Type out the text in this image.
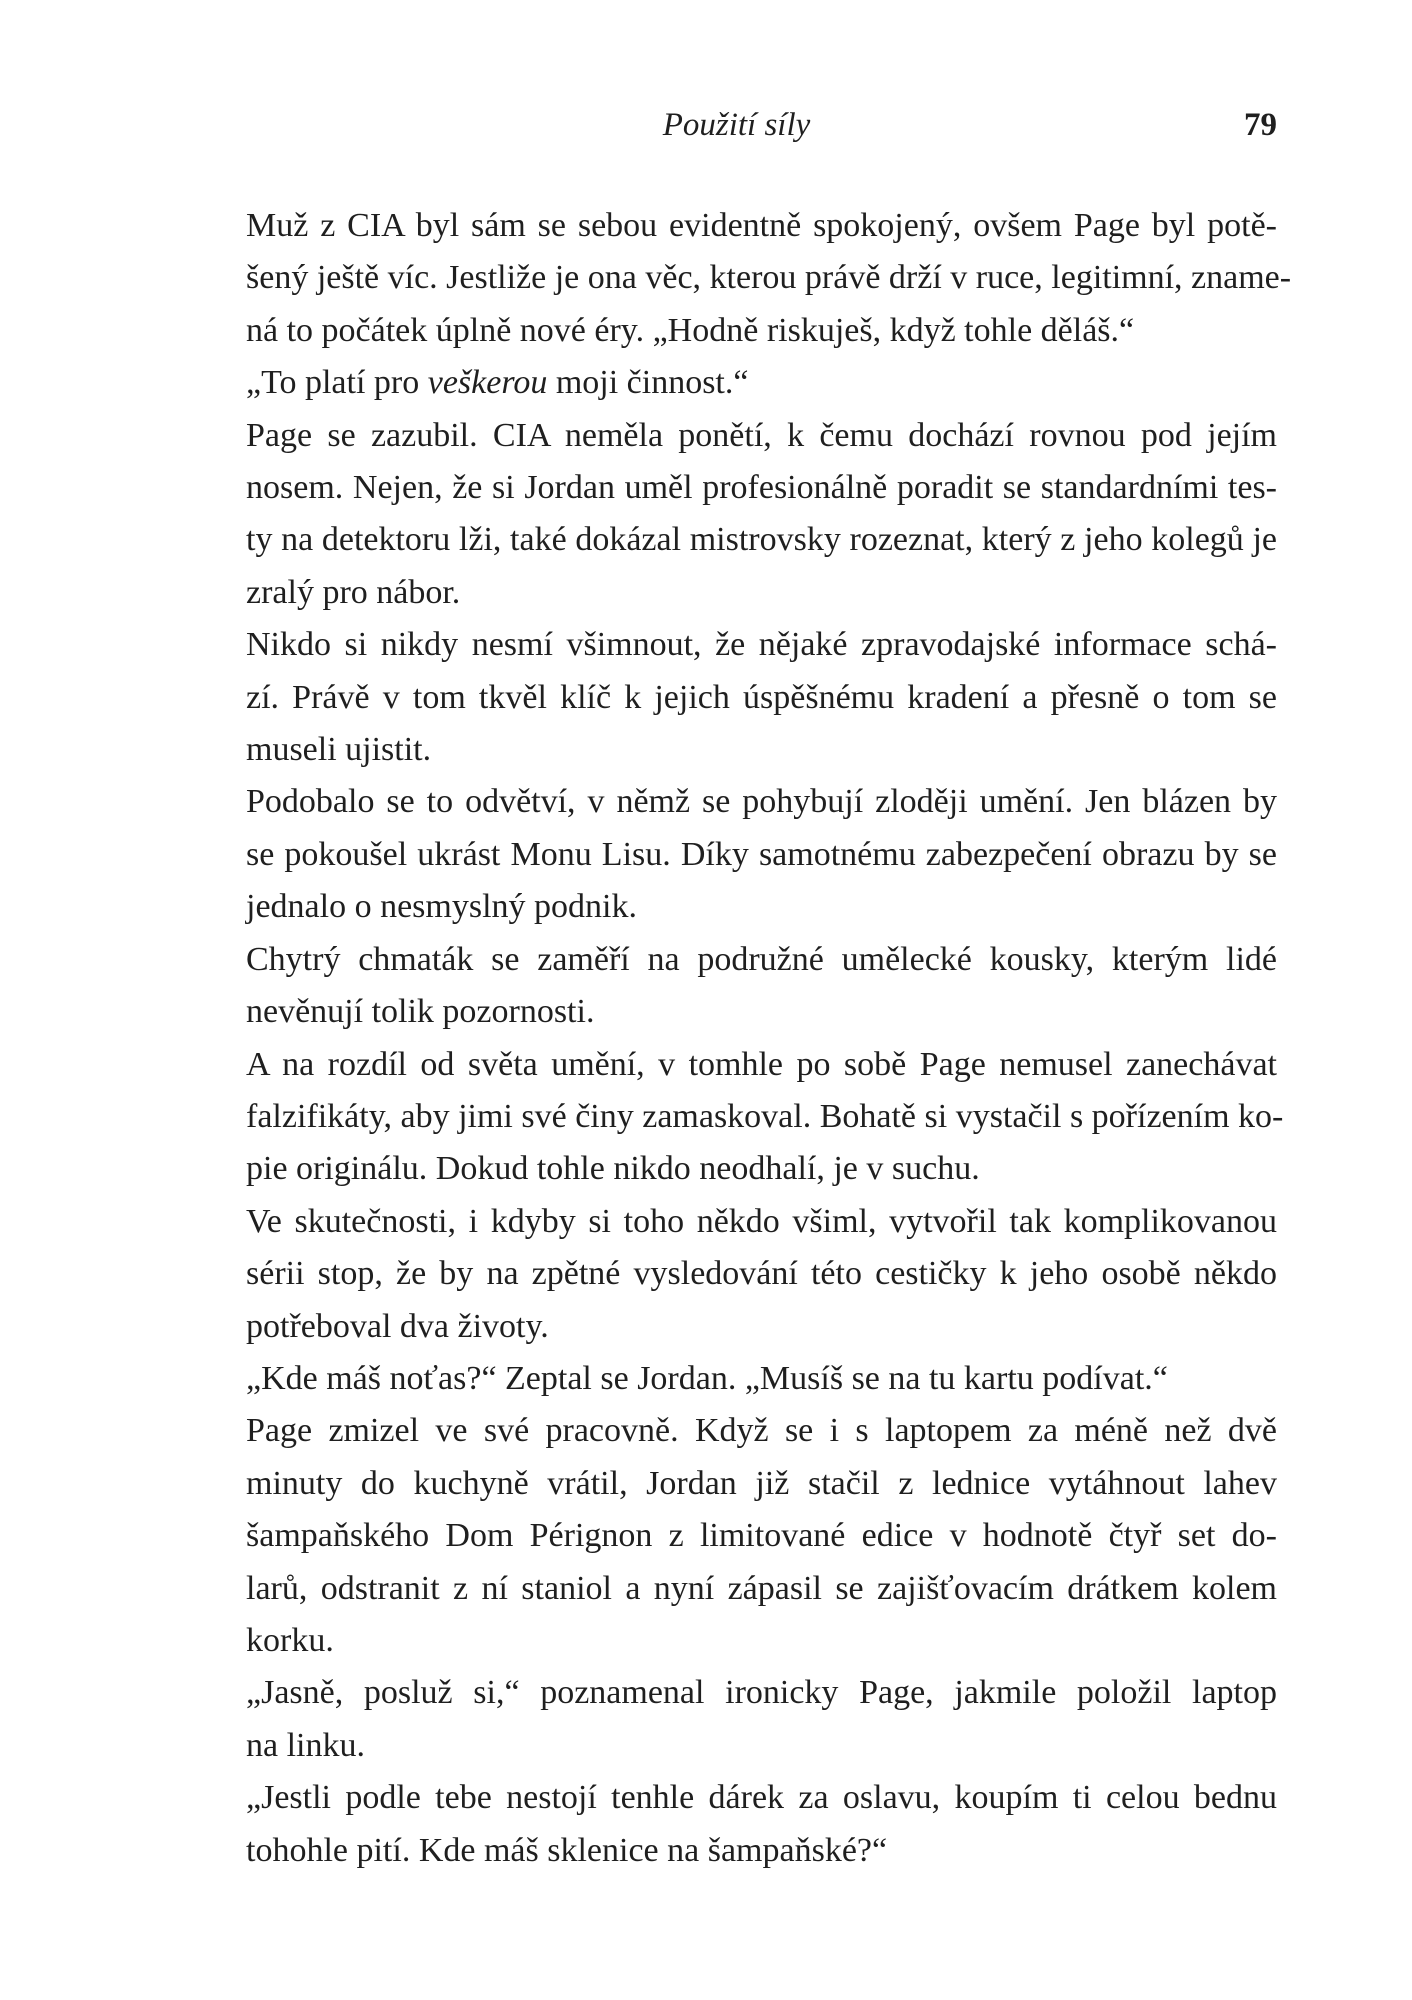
Použití síly	79

Muž z CIA byl sám se sebou evidentně spokojený, ovšem Page byl potě-
šený ještě víc. Jestliže je ona věc, kterou právě drží v ruce, legitimní, zname-
ná to počátek úplně nové éry. „Hodně riskuješ, když tohle děláš.“

„To platí pro veškerou moji činnost.“

Page se zazubil. CIA neměla ponětí, k čemu dochází rovnou pod jejím
nosem. Nejen, že si Jordan uměl profesionálně poradit se standardními tes-
ty na detektoru lži, také dokázal mistrovsky rozeznat, který z jeho kolegů je
zralý pro nábor.

Nikdo si nikdy nesmí všimnout, že nějaké zpravodajské informace schá-
zí. Právě v tom tkvěl klíč k jejich úspěšnému kradení a přesně o tom se
museli ujistit.

Podobalo se to odvětví, v němž se pohybují zloději umění. Jen blázen by
se pokoušel ukrást Monu Lisu. Díky samotnému zabezpečení obrazu by se
jednalo o nesmyslný podnik.

Chytrý chmaták se zaměří na podružné umělecké kousky, kterým lidé
nevěnují tolik pozornosti.

A na rozdíl od světa umění, v tomhle po sobě Page nemusel zanechávat
falzifikáty, aby jimi své činy zamaskoval. Bohatě si vystačil s pořízením ko-
pie originálu. Dokud tohle nikdo neodhalí, je v suchu.

Ve skutečnosti, i kdyby si toho někdo všiml, vytvořil tak komplikovanou
sérii stop, že by na zpětné vysledování této cestičky k jeho osobě někdo
potřeboval dva životy.

„Kde máš noťas?“ Zeptal se Jordan. „Musíš se na tu kartu podívat.“

Page zmizel ve své pracovně. Když se i s laptopem za méně než dvě
minuty do kuchyně vrátil, Jordan již stačil z lednice vytáhnout lahev
šampaňského Dom Pérignon z limitované edice v hodnotě čtyř set do-
larů, odstranit z ní staniol a nyní zápasil se zajišťovacím drátkem kolem
korku.

„Jasně, posluž si,“ poznamenal ironicky Page, jakmile položil laptop
na linku.

„Jestli podle tebe nestojí tenhle dárek za oslavu, koupím ti celou bednu
tohohle pití. Kde máš sklenice na šampaňské?“
